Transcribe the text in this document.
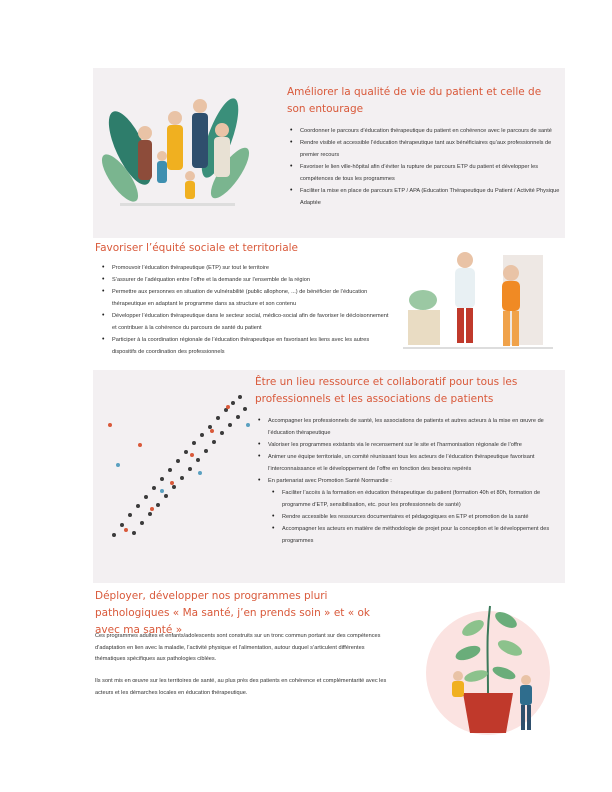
Améliorer la qualité de vie du patient et celle de son entourage
• Coordonner le parcours d’éducation thérapeutique du patient en cohérence avec le parcours de santé
• Rendre visible et accessible l’éducation thérapeutique tant aux bénéficiaires qu’aux professionnels de premier recours
• Favoriser le lien ville-hôpital afin d’éviter la rupture de parcours ETP du patient et développer les compétences de tous les programmes
• Faciliter la mise en place de parcours ETP / APA (Education Thérapeutique du Patient / Activité Physique Adaptée
Favoriser l’équité sociale et territoriale
• Promouvoir l’éducation thérapeutique (ETP) sur tout le territoire
• S’assurer de l’adéquation entre l’offre et la demande sur l’ensemble de la région
• Permettre aux personnes en situation de vulnérabilité (public allophone, ...) de bénéficier de l’éducation thérapeutique en adaptant le programme dans sa structure et son contenu
• Développer l’éducation thérapeutique dans le secteur social, médico-social afin de favoriser le décloisonnement et contribuer à la cohérence du parcours de santé du patient
• Participer à la coordination régionale de l’éducation thérapeutique en favorisant les liens avec les autres dispositifs de coordination des professionnels
Être un lieu ressource et collaboratif pour tous les professionnels et les associations de patients
• Accompagner les professionnels de santé, les associations de patients et autres acteurs à la mise en œuvre de l’éducation thérapeutique
• Valoriser les programmes existants via le recensement sur le site et l’harmonisation régionale de l’offre
• Animer une équipe territoriale, un comité réunissant tous les acteurs de l’éducation thérapeutique favorisant l’interconnaissance et le développement de l’offre en fonction des besoins repérés
• En partenariat avec Promotion Santé Normandie :
• Faciliter l’accès à la formation en éducation thérapeutique du patient (formation 40h et 80h, formation de programme d’ETP, sensibilisation, etc. pour les professionnels de santé)
• Rendre accessible les ressources documentaires et pédagogiques en ETP et promotion de la santé
• Accompagner les acteurs en matière de méthodologie de projet pour la conception et le développement des programmes
Déployer, développer nos programmes pluri pathologiques « Ma santé, j’en prends soin » et « ok avec ma santé »
Ces programmes adultes et enfants/adolescents sont construits sur un tronc commun portant sur des compétences d’adaptation en lien avec la maladie, l’activité physique et l’alimentation, autour duquel s’articulent différentes thématiques spécifiques aux pathologies ciblées.
Ils sont mis en œuvre sur les territoires de santé, au plus près des patients en cohérence et complémentarité avec les acteurs et les démarches locales en éducation thérapeutique.
